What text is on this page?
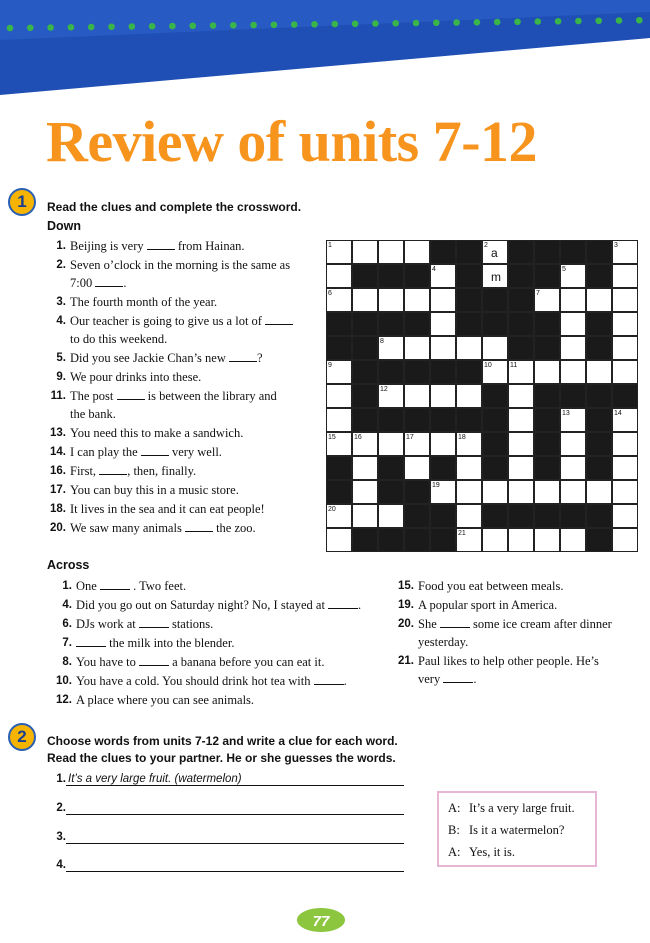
Review of units 7-12
1	Read the clues and complete the crossword.
Down
1. Beijing is very  from Hainan.
2. Seven o’clock in the morning is the same as
7:00 .
3. The fourth month of the year.
4. Our teacher is going to give us a lot of
to do this weekend.
5. Did you see Jackie Chan’s new ?
9. We pour drinks into these.
11. The post  is between the library and
the bank.
13. You need this to make a sandwich.
14. I can play the  very well.
16. First, , then, finally.
17. You can buy this in a music store.
18. It lives in the sea and it can eat people!
20. We saw many animals  the zoo.
1	2	3
4	5
6	7
8
9	10	11
12
13	14
15	16	17	18
19
20
21
a
m
Across
1. One  . Two feet.
4. Did you go out on Saturday night? No, I stayed at .
6. DJs work at  stations.
7.	the milk into the blender.
8. You have to  a banana before you can eat it.
10. You have a cold. You should drink hot tea with .
12. A place where you can see animals.
15. Food you eat between meals.
19. A popular sport in America.
20. She  some ice cream after dinner
yesterday.
21. Paul likes to help other people. He’s
very .
2	Choose words from units 7-12 and write a clue for each word.
Read the clues to your partner. He or she guesses the words.
1. It’s a very large fruit. (watermelon)
2.
3.
4.
A: It’s a very large fruit.
B: Is it a watermelon?
A: Yes, it is.
77
